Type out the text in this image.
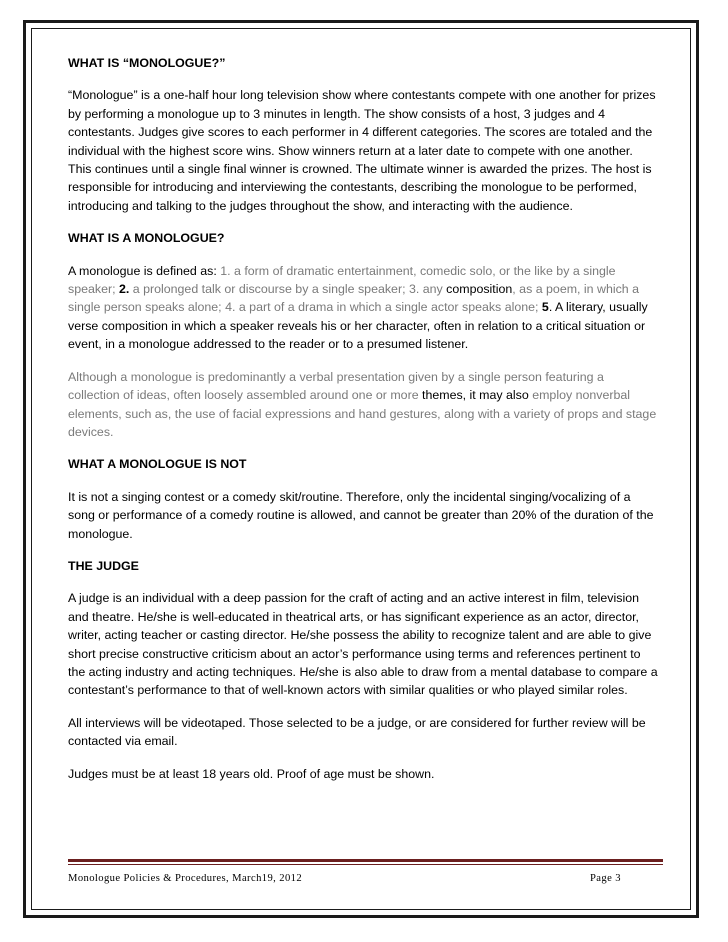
WHAT IS “MONOLOGUE?”

“Monologue” is a one-half hour long television show where contestants compete with one another for prizes by performing a monologue up to 3 minutes in length. The show consists of a host, 3 judges and 4 contestants. Judges give scores to each performer in 4 different categories. The scores are totaled and the individual with the highest score wins. Show winners return at a later date to compete with one another. This continues until a single final winner is crowned. The ultimate winner is awarded the prizes. The host is responsible for introducing and interviewing the contestants, describing the monologue to be performed, introducing and talking to the judges throughout the show, and interacting with the audience.

WHAT IS A MONOLOGUE?

A monologue is defined as: 1. a form of dramatic entertainment, comedic solo, or the like by a single speaker; 2. a prolonged talk or discourse by a single speaker; 3. any composition, as a poem, in which a single person speaks alone; 4. a part of a drama in which a single actor speaks alone; 5. A literary, usually verse composition in which a speaker reveals his or her character, often in relation to a critical situation or event, in a monologue addressed to the reader or to a presumed listener.

Although a monologue is predominantly a verbal presentation given by a single person featuring a collection of ideas, often loosely assembled around one or more themes, it may also employ nonverbal elements, such as, the use of facial expressions and hand gestures, along with a variety of props and stage devices.

WHAT A MONOLOGUE IS NOT

It is not a singing contest or a comedy skit/routine. Therefore, only the incidental singing/vocalizing of a song or performance of a comedy routine is allowed, and cannot be greater than 20% of the duration of the monologue.

THE JUDGE

A judge is an individual with a deep passion for the craft of acting and an active interest in film, television and theatre. He/she is well-educated in theatrical arts, or has significant experience as an actor, director, writer, acting teacher or casting director. He/she possess the ability to recognize talent and are able to give short precise constructive criticism about an actor’s performance using terms and references pertinent to the acting industry and acting techniques. He/she is also able to draw from a mental database to compare a contestant’s performance to that of well-known actors with similar qualities or who played similar roles.

All interviews will be videotaped. Those selected to be a judge, or are considered for further review will be contacted via email.

Judges must be at least 18 years old. Proof of age must be shown.

Monologue Policies & Procedures, March19, 2012	Page 3
